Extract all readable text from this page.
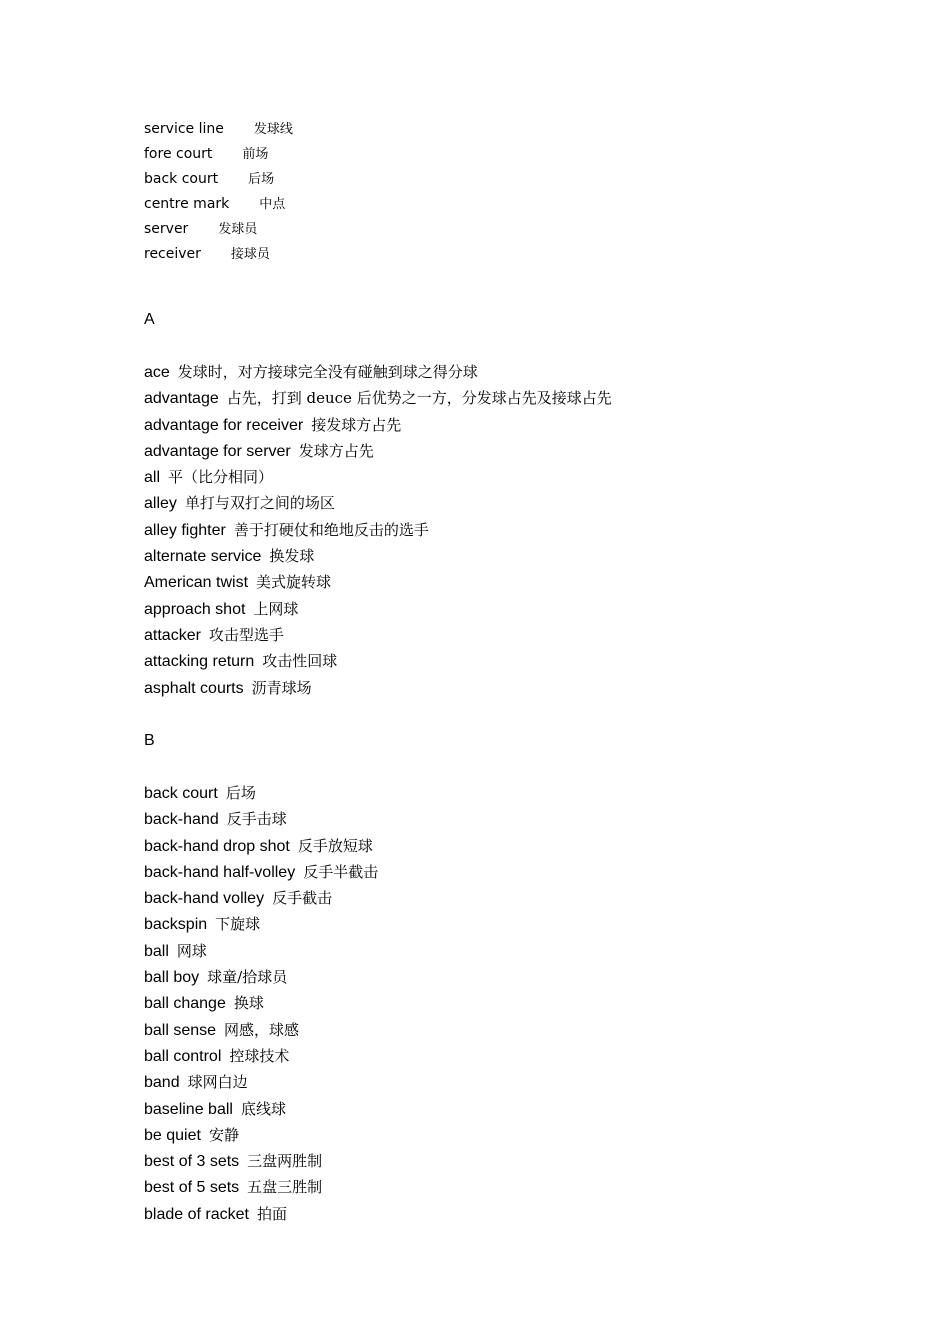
service line 发球线
fore court 前场
back court 后场
centre mark 中点
server 发球员
receiver 接球员
A
ace 发球时，对方接球完全没有碰触到球之得分球
advantage 占先，打到 deuce 后优势之一方，分发球占先及接球占先
advantage for receiver 接发球方占先
advantage for server 发球方占先
all 平（比分相同）
alley 单打与双打之间的场区
alley fighter 善于打硬仗和绝地反击的选手
alternate service 换发球
American twist 美式旋转球
approach shot 上网球
attacker 攻击型选手
attacking return 攻击性回球
asphalt courts 沥青球场
B
back court 后场
back-hand 反手击球
back-hand drop shot 反手放短球
back-hand half-volley 反手半截击
back-hand volley 反手截击
backspin 下旋球
ball 网球
ball boy 球童/拾球员
ball change 换球
ball sense 网感，球感
ball control 控球技术
band 球网白边
baseline ball 底线球
be quiet 安静
best of 3 sets 三盘两胜制
best of 5 sets 五盘三胜制
blade of racket 拍面
